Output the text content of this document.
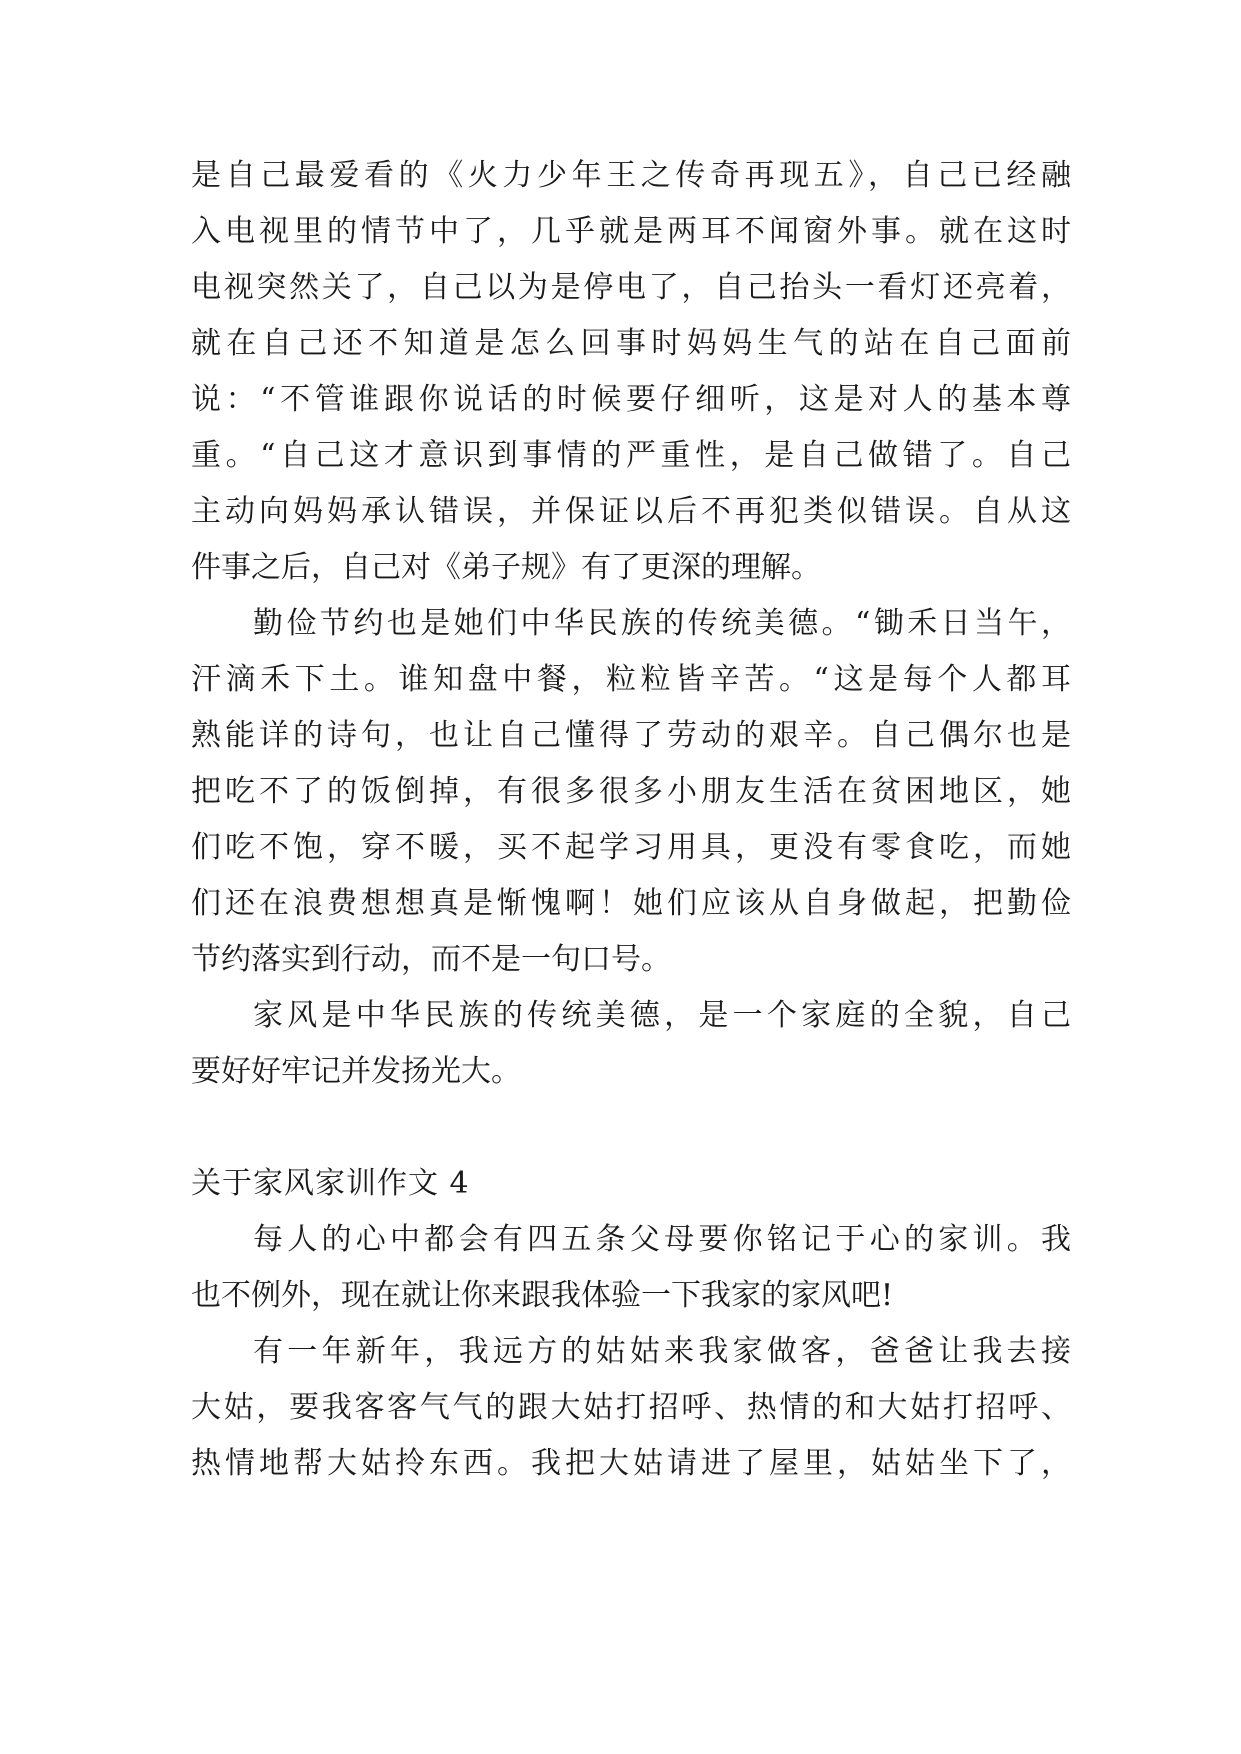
是自己最爱看的《火力少年王之传奇再现五》，自己已经融
入电视里的情节中了，几乎就是两耳不闻窗外事。就在这时
电视突然关了，自己以为是停电了，自己抬头一看灯还亮着，
就在自己还不知道是怎么回事时妈妈生气的站在自己面前
说：“不管谁跟你说话的时候要仔细听，这是对人的基本尊
重。“自己这才意识到事情的严重性，是自己做错了。自己
主动向妈妈承认错误，并保证以后不再犯类似错误。自从这
件事之后，自己对《弟子规》有了更深的理解。
勤俭节约也是她们中华民族的传统美德。“锄禾日当午，
汗滴禾下土。谁知盘中餐，粒粒皆辛苦。“这是每个人都耳
熟能详的诗句，也让自己懂得了劳动的艰辛。自己偶尔也是
把吃不了的饭倒掉，有很多很多小朋友生活在贫困地区，她
们吃不饱，穿不暖，买不起学习用具，更没有零食吃，而她
们还在浪费想想真是惭愧啊！她们应该从自身做起，把勤俭
节约落实到行动，而不是一句口号。
家风是中华民族的传统美德，是一个家庭的全貌，自己
要好好牢记并发扬光大。
关于家风家训作文 4
每人的心中都会有四五条父母要你铭记于心的家训。我
也不例外，现在就让你来跟我体验一下我家的家风吧!
有一年新年，我远方的姑姑来我家做客，爸爸让我去接
大姑，要我客客气气的跟大姑打招呼、热情的和大姑打招呼、
热情地帮大姑拎东西。我把大姑请进了屋里，姑姑坐下了，
